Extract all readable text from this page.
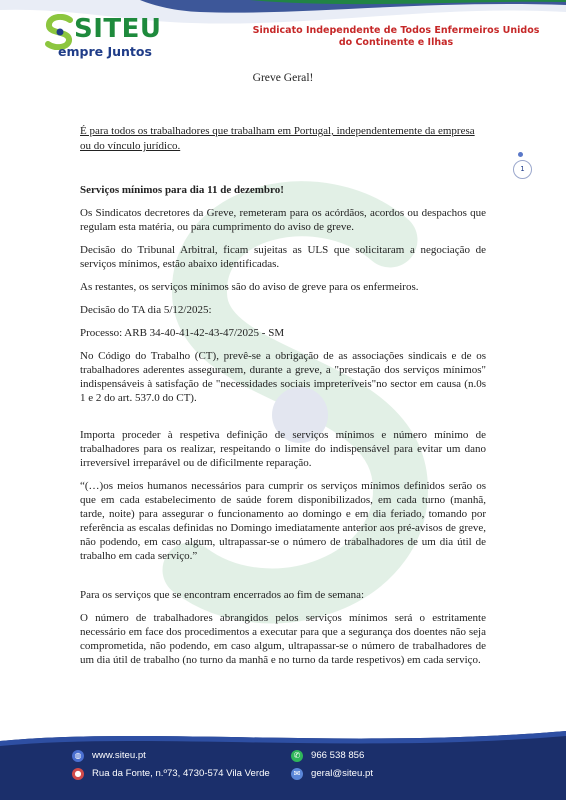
SITEU
empre Juntos
Sindicato Independente de Todos Enfermeiros Unidos
do Continente e Ilhas
1
Greve Geral!

É para todos os trabalhadores que trabalham em Portugal, independentemente da empresa ou do vínculo jurídico.

Serviços mínimos para dia 11 de dezembro!

Os Sindicatos decretores da Greve, remeteram para os acórdãos, acordos ou despachos que regulam esta matéria, ou para cumprimento do aviso de greve.

Decisão do Tribunal Arbitral, ficam sujeitas as ULS que solicitaram a negociação de serviços mínimos, estão abaixo identificadas.

As restantes, os serviços mínimos são do aviso de greve para os enfermeiros.

Decisão do TA dia 5/12/2025:

Processo: ARB 34-40-41-42-43-47/2025 - SM

No Código do Trabalho (CT), prevê-se a obrigação de as associações sindicais e de os trabalhadores aderentes assegurarem, durante a greve, a "prestação dos serviços mínimos" indispensáveis à satisfação de "necessidades sociais impreteríveis"no sector em causa (n.0s 1 e 2 do art. 537.0 do CT).

Importa proceder à respetiva definição de serviços mínimos e número mínimo de trabalhadores para os realizar, respeitando o limite do indispensável para evitar um dano irreversível irreparável ou de dificilmente reparação.

“(…)os meios humanos necessários para cumprir os serviços mínimos definidos serão os que em cada estabelecimento de saúde forem disponibilizados, em cada turno (manhã, tarde, noite) para assegurar o funcionamento ao domingo e em dia feriado, tomando por referência as escalas definidas no Domingo imediatamente anterior aos pré-avisos de greve, não podendo, em caso algum, ultrapassar-se o número de trabalhadores de um dia útil de trabalho em cada serviço.”

Para os serviços que se encontram encerrados ao fim de semana:

O número de trabalhadores abrangidos pelos serviços mínimos será o estritamente necessário em face dos procedimentos a executar para que a segurança dos doentes não seja comprometida, não podendo, em caso algum, ultrapassar-se o número de trabalhadores de um dia útil de trabalho (no turno da manhã e no turno da tarde respetivos) em cada serviço.

◍ www.siteu.pt
● Rua da Fonte, n.º73, 4730-574 Vila Verde
✆ 966 538 856
✉ geral@siteu.pt
